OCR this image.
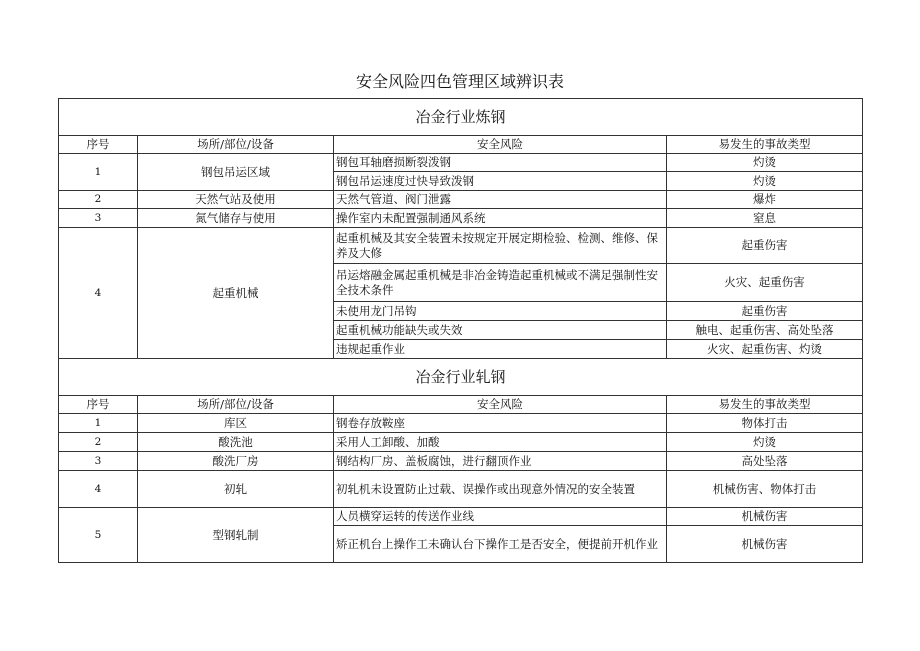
安全风险四色管理区域辨识表
冶金行业炼钢			
序号	场所/部位/设备	安全风险	易发生的事故类型
1	钢包吊运区域	钢包耳轴磨损断裂泼钢	灼烫
		钢包吊运速度过快导致泼钢	灼烫
2	天然气站及使用	天然气管道、阀门泄露	爆炸
3	氮气储存与使用	操作室内未配置强制通风系统	窒息
4	起重机械	起重机械及其安全装置未按规定开展定期检验、检测、维修、保养及大修	起重伤害
		吊运熔融金属起重机械是非冶金铸造起重机械或不满足强制性安全技术条件	火灾、起重伤害
		未使用龙门吊钩	起重伤害
		起重机械功能缺失或失效	触电、起重伤害、高处坠落
		违规起重作业	火灾、起重伤害、灼烫
冶金行业轧钢			
序号	场所/部位/设备	安全风险	易发生的事故类型
1	库区	钢卷存放鞍座	物体打击
2	酸洗池	采用人工卸酸、加酸	灼烫
3	酸洗厂房	钢结构厂房、盖板腐蚀，进行翻顶作业	高处坠落
4	初轧	初轧机未设置防止过载、误操作或出现意外情况的安全装置	机械伤害、物体打击
5	型钢轧制	人员横穿运转的传送作业线	机械伤害
		矫正机台上操作工未确认台下操作工是否安全，便提前开机作业	机械伤害
